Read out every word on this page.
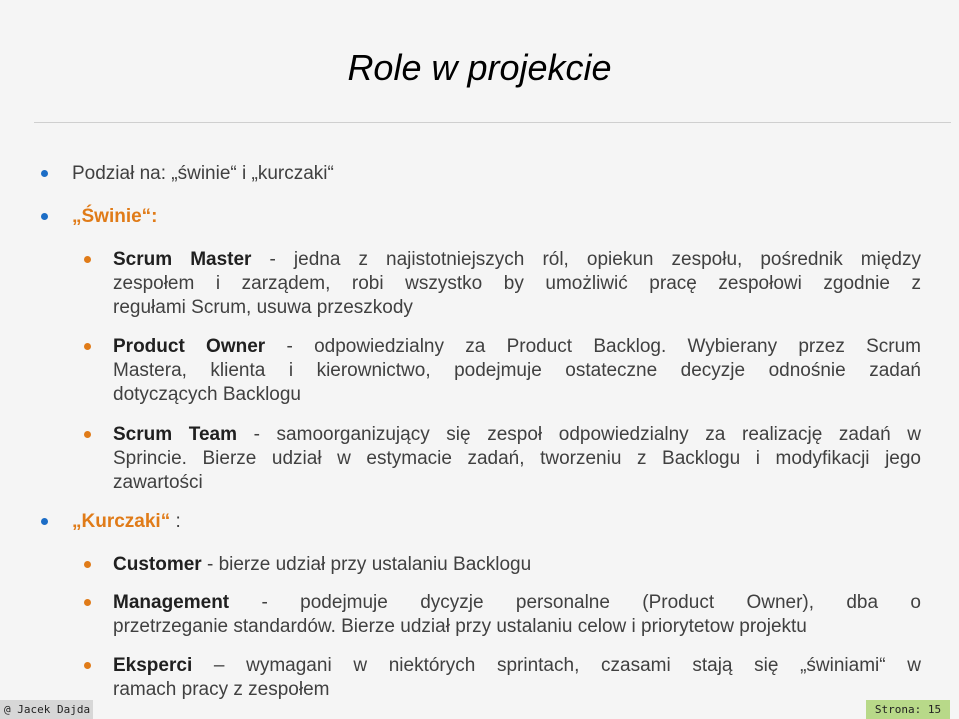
Role w projekcie
Podział na: „świnie“ i „kurczaki“
„Świnie“:
Scrum Master - jedna z najistotniejszych ról, opiekun zespołu, pośrednik między
zespołem i zarządem, robi wszystko by umożliwić pracę zespołowi zgodnie z
regułami Scrum, usuwa przeszkody
Product Owner - odpowiedzialny za Product Backlog. Wybierany przez Scrum
Mastera, klienta i kierownictwo, podejmuje ostateczne decyzje odnośnie zadań
dotyczących Backlogu
Scrum Team - samoorganizujący się zespoł odpowiedzialny za realizację zadań w
Sprincie. Bierze udział w estymacie zadań, tworzeniu z Backlogu i modyfikacji jego
zawartości
„Kurczaki“ :
Customer - bierze udział przy ustalaniu Backlogu
Management - podejmuje dycyzje personalne (Product Owner), dba o
przetrzeganie standardów. Bierze udział przy ustalaniu celow i priorytetow projektu
Eksperci – wymagani w niektórych sprintach, czasami stają się „świniami“ w
ramach pracy z zespołem
@ Jacek Dajda	Strona: 15
